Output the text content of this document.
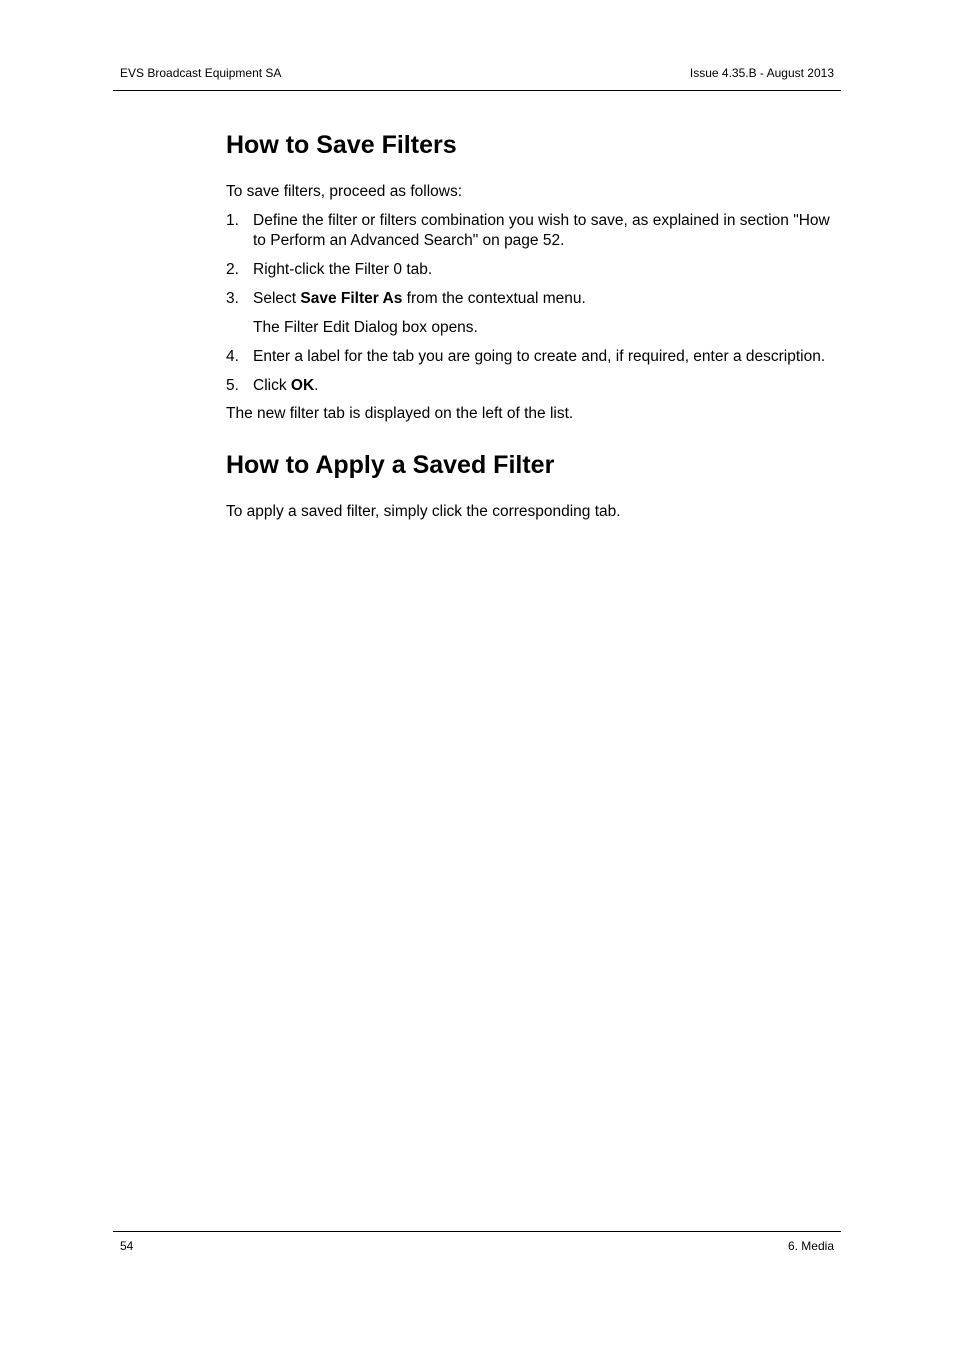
EVS Broadcast Equipment SA	Issue 4.35.B - August 2013
How to Save Filters

To save filters, proceed as follows:

1. Define the filter or filters combination you wish to save, as explained in section "How to Perform an Advanced Search" on page 52.
2. Right-click the Filter 0 tab.
3. Select Save Filter As from the contextual menu.
The Filter Edit Dialog box opens.
4. Enter a label for the tab you are going to create and, if required, enter a description.
5. Click OK.

The new filter tab is displayed on the left of the list.

How to Apply a Saved Filter

To apply a saved filter, simply click the corresponding tab.

54	6. Media
